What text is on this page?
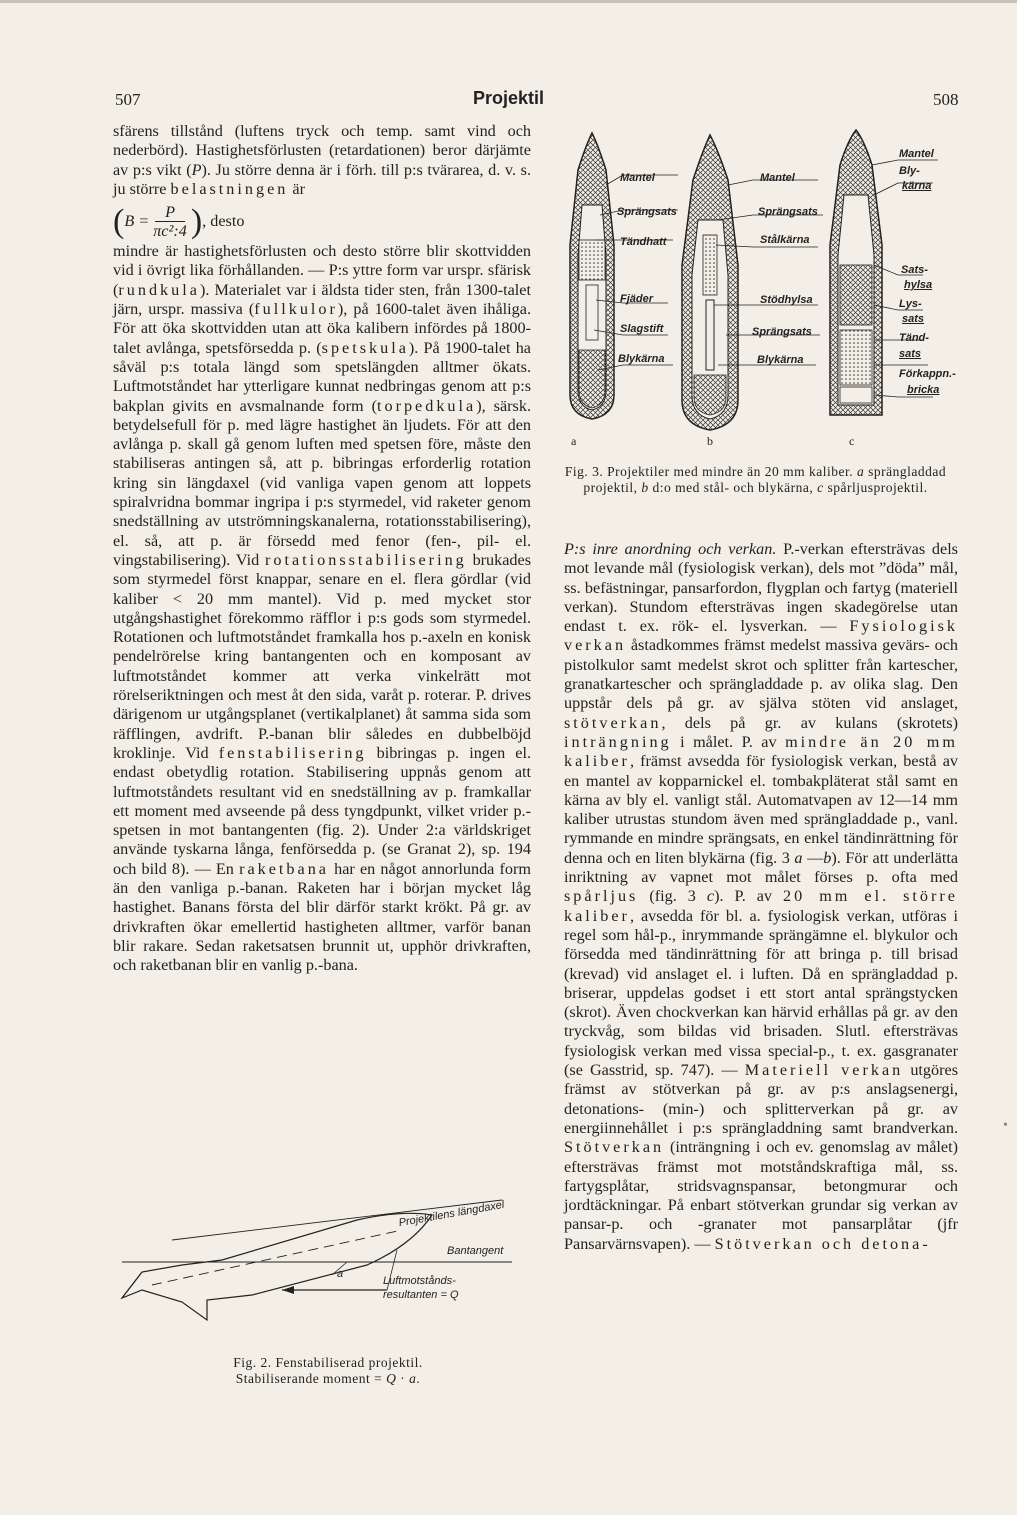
507	Projektil	508

sfärens tillstånd (luftens tryck och temp. samt vind och nederbörd). Hastighetsförlusten (retardationen) beror därjämte av p:s vikt (P). Ju större denna är i förh. till p:s tvärarea, d. v. s. ju större belastningen är

( $B = \frac{P}{\text{πc²:4}}$ ) , desto

mindre är hastighetsförlusten och desto större blir skottvidden vid i övrigt lika förhållanden. — P:s yttre form var urspr. sfärisk (rundkula). Materialet var i äldsta tider sten, från 1300-talet järn, urspr. massiva (fullkulor), på 1600-talet även ihåliga. För att öka skottvidden utan att öka kalibern infördes på 1800-talet avlånga, spetsförsedda p. (spetskula). På 1900-talet ha såväl p:s totala längd som spetslängden alltmer ökats. Luftmotståndet har ytterligare kunnat nedbringas genom att p:s bakplan givits en avsmalnande form (torpedkula), särsk. betydelsefull för p. med lägre hastighet än ljudets. För att den avlånga p. skall gå genom luften med spetsen före, måste den stabiliseras antingen så, att p. bibringas erforderlig rotation kring sin längdaxel (vid vanliga vapen genom att loppets spiralvridna bommar ingripa i p:s styrmedel, vid raketer genom snedställning av utströmningskanalerna, rotationsstabilisering), el. så, att p. är försedd med fenor (fen-, pil- el. vingstabilisering). Vid rotationsstabilisering brukades som styrmedel först knappar, senare en el. flera gördlar (vid kaliber < 20 mm mantel). Vid p. med mycket stor utgångshastighet förekommo räfflor i p:s gods som styrmedel. Rotationen och luftmotståndet framkalla hos p.-axeln en konisk pendelrörelse kring bantangenten och en komposant av luftmotståndet kommer att verka vinkelrätt mot rörelseriktningen och mest åt den sida, varåt p. roterar. P. drives därigenom ur utgångsplanet (vertikalplanet) åt samma sida som räfflingen, avdrift. P.-banan blir således en dubbelböjd kroklinje. Vid fenstabilisering bibringas p. ingen el. endast obetydlig rotation. Stabilisering uppnås genom att luftmotståndets resultant vid en snedställning av p. framkallar ett moment med avseende på dess tyngdpunkt, vilket vrider p.-spetsen in mot bantangenten (fig. 2). Under 2:a världskriget använde tyskarna långa, fenförsedda p. (se Granat 2), sp. 194 och bild 8). — En raketbana har en något annorlunda form än den vanliga p.-banan. Raketen har i början mycket låg hastighet. Banans första del blir därför starkt krökt. På gr. av drivkraften ökar emellertid hastigheten alltmer, varför banan blir rakare. Sedan raketsatsen brunnit ut, upphör drivkraften, och raketbanan blir en vanlig p.-bana.

Mantel
Sprängsats
Tändhatt
Fjäder
Slagstift
Blykärna
Mantel
Sprängsats
Stålkärna
Stödhylsa
Sprängsats
Blykärna
Mantel
Bly-
kärna
Sats-
hylsa
Lys-
sats
Tänd-
sats
Förkappn.-
bricka
a	b	c
Fig. 3. Projektiler med mindre än 20 mm kaliber. a sprängladdad projektil, b d:o med stål- och blykärna, c spårljusprojektil.

P:s inre anordning och verkan. P.-verkan eftersträvas dels mot levande mål (fysiologisk verkan), dels mot ”döda” mål, ss. befästningar, pansarfordon, flygplan och fartyg (materiell verkan). Stundom eftersträvas ingen skadegörelse utan endast t. ex. rök- el. lysverkan. — Fysiologisk verkan åstadkommes främst medelst massiva gevärs- och pistolkulor samt medelst skrot och splitter från kartescher, granatkartescher och sprängladdade p. av olika slag. Den uppstår dels på gr. av själva stöten vid anslaget, stötverkan, dels på gr. av kulans (skrotets) inträngning i målet. P. av mindre än 20 mm kaliber, främst avsedda för fysiologisk verkan, bestå av en mantel av kopparnickel el. tombakpläterat stål samt en kärna av bly el. vanligt stål. Automatvapen av 12—14 mm kaliber utrustas stundom även med sprängladdade p., vanl. rymmande en mindre sprängsats, en enkel tändinrättning för denna och en liten blykärna (fig. 3 a —b). För att underlätta inriktning av vapnet mot målet förses p. ofta med spårljus (fig. 3 c). P. av 20 mm el. större kaliber, avsedda för bl. a. fysiologisk verkan, utföras i regel som hål-p., inrymmande sprängämne el. blykulor och försedda med tändinrättning för att bringa p. till brisad (krevad) vid anslaget el. i luften. Då en sprängladdad p. briserar, uppdelas godset i ett stort antal sprängstycken (skrot). Även chockverkan kan härvid erhållas på gr. av den tryckvåg, som bildas vid brisaden. Slutl. eftersträvas fysiologisk verkan med vissa special-p., t. ex. gasgranater (se Gasstrid, sp. 747). — Materiell verkan utgöres främst av stötverkan på gr. av p:s anslagsenergi, detonations- (min-) och splitterverkan på gr. av energiinnehållet i p:s sprängladdning samt brandverkan. Stötverkan (inträngning i och ev. genomslag av målet) eftersträvas främst mot motståndskraftiga mål, ss. fartygsplåtar, stridsvagnspansar, betongmurar och jordtäckningar. På enbart stötverkan grundar sig verkan av pansar-p. och -granater mot pansarplåtar (jfr Pansarvärnsvapen). — Stötverkan och detona-

•
Projektilens längdaxel
Bantangent
Luftmotstånds-
resultanten = Q
a
Fig. 2. Fenstabiliserad projektil.
Stabiliserande moment = Q · a.
